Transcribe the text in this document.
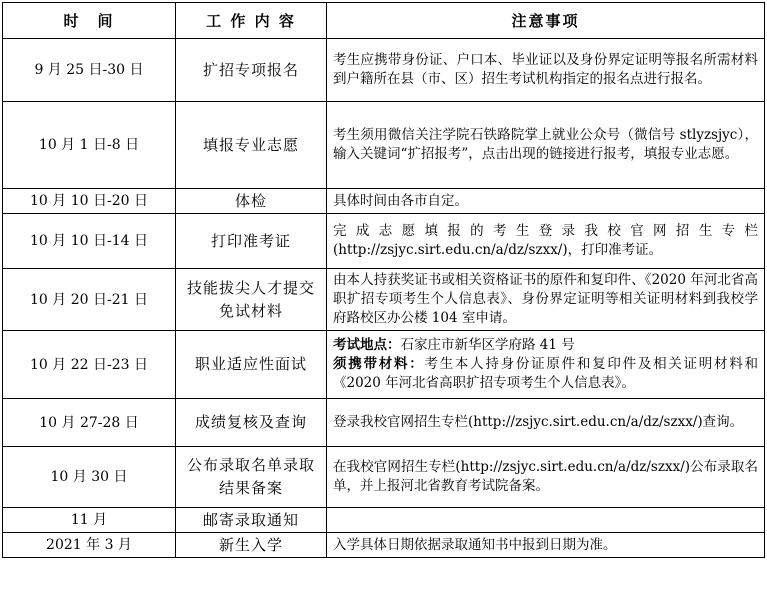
时　间	工 作 内 容	注意事项
9 月 25 日-30 日	扩招专项报名	考生应携带身份证、户口本、毕业证以及身份界定证明等报名所需材料到户籍所在县（市、区）招生考试机构指定的报名点进行报名。
10 月 1 日-8 日	填报专业志愿	考生须用微信关注学院石铁路院掌上就业公众号（微信号 stlyzsjyc），输入关键词“扩招报考”，点击出现的链接进行报考，填报专业志愿。
10 月 10 日-20 日	体检	具体时间由各市自定。
10 月 10 日-14 日	打印准考证	完成志愿填报的考生登录我校官网招生专栏(http://zsjyc.sirt.edu.cn/a/dz/szxx/)，打印准考证。
10 月 20 日-21 日	技能拔尖人才提交免试材料	由本人持获奖证书或相关资格证书的原件和复印件、《2020 年河北省高职扩招专项考生个人信息表》、身份界定证明等相关证明材料到我校学府路校区办公楼 104 室申请。
10 月 22 日-23 日	职业适应性面试	考试地点：石家庄市新华区学府路 41 号
须携带材料：考生本人持身份证原件和复印件及相关证明材料和《2020 年河北省高职扩招专项考生个人信息表》。
10 月 27-28 日	成绩复核及查询	登录我校官网招生专栏(http://zsjyc.sirt.edu.cn/a/dz/szxx/)查询。
10 月 30 日	公布录取名单录取结果备案	在我校官网招生专栏(http://zsjyc.sirt.edu.cn/a/dz/szxx/)公布录取名单，并上报河北省教育考试院备案。
11 月	邮寄录取通知	
2021 年 3 月	新生入学	入学具体日期依据录取通知书中报到日期为准。
